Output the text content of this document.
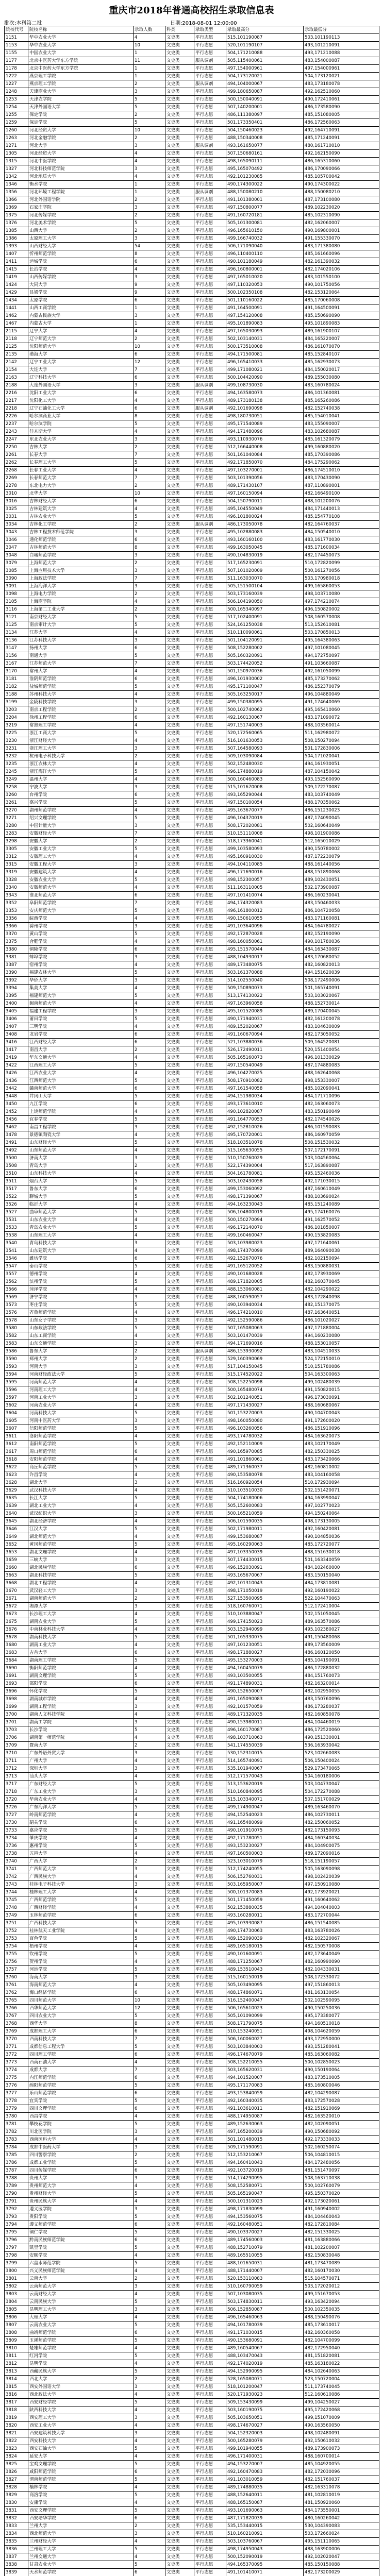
重庆市2018年普通高校招生录取信息表
批次:本科第二批	日期:2018-08-01 12:00:00
院校代号	院校名称	录取人数	科类	录取类型	录取最高分	录取最低分
1151	华中农业大学	4	文史类	平行志愿	515,101190087	503,101190113
1153	华中农业大学	10	文史类	平行志愿	520,101190107	493,101210091
1155	中国农业大学	1	文史类	平行志愿	504,171210088	493,171210088
1177	北京中医药大学东方学院	11	文史类	服从调剂	505,115400061	483,154000087
1178	北京中医药大学东方学院	1	文史类	平行志愿	497,154000961	497,154000961
1222	燕京理工学院	1	文史类	平行志愿	504,173120021	504,173120021
1227	燕京理工学院	2	文史类	服从调剂	494,104000067	483,173180078
1248	天津商业大学	3	文史类	平行志愿	499,180650087	492,162510060
1253	天津农学院	5	文史类	平行志愿	500,150040091	490,172410061
1254	天津外国语大学	5	文史类	平行志愿	507,140200001	486,173580090
1255	保定学院	2	文史类	平行志愿	486,111380097	485,151080005
1259	保定学院	5	文史类	平行志愿	501,173350401	486,172560063
1260	河北经贸大学	10	文史类	平行志愿	504,150460023	492,164710091
1263	河北金融学院	2	文史类	平行志愿	488,150340008	485,171240091
1271	河北大学	3	文史类	服从调剂	493,161650077	480,161710010
1305	河北经贸大学	4	文史类	平行志愿	507,150680161	492,162150090
1315	河北中医学院	4	文史类	平行志愿	498,165090111	486,165310060
1327	河北科技师范学院	3	文史类	平行志愿	495,165070492	486,170090066
1342	河北地质大学	4	文史类	平行志愿	492,101230085	485,105700042
1346	衡水学院	1	文史类	平行志愿	490,174300022	490,174300022
1356	河北环境工程学院	1	文史类	服从调剂	488,150080210	488,150080210
1366	河北外国语学院	2	文史类	平行志愿	491,101380001	487,173100080
1369	石家庄学院	3	文史类	平行志愿	497,150800077	489,102230020
1375	河北传媒学院	2	文史类	平行志愿	491,160720181	485,102310090
1376	河北美术学院	5	文史类	平行志愿	505,101300081	482,162060007
1385	山西大学	2	文史类	平行志愿	496,165610150	490,169800001
1386	太原理工大学	3	文史类	平行志愿	499,166740032	491,155330070
1393	山西财经大学	54	文史类	平行志愿	506,171090040	483,171380080
1407	忻州师范学院	8	文史类	平行志愿	496,110400110	485,161660096
1411	运城学院	6	文史类	平行志愿	490,101180049	482,161390032
1415	长治学院	4	文史类	平行志愿	496,160800001	482,174020106
1419	山西传媒学院	3	文史类	平行志愿	497,165010020	483,101550100
1424	大同大学	9	文史类	平行志愿	497,110320053	490,101750056
1429	吕梁学院	9	文史类	平行志愿	500,102350108	482,153120064
1434	太原学院	6	文史类	平行志愿	501,110160022	485,170060008
1441	山西工商学院	1	文史类	平行志愿	491,164500091	491,164500091
1462	内蒙古民族大学	3	文史类	平行志愿	497,154120008	485,150690090
1467	内蒙古大学	1	文史类	平行志愿	495,101890083	495,101890083
2115	辽宁大学	4	文史类	平行志愿	497,165030093	489,161900107
2118	辽宁师范大学	2	文史类	平行志愿	502,103140031	484,165220007
2125	沈阳师范大学	10	文史类	平行志愿	500,173510008	486,161070070
2135	渤海大学	6	文史类	平行志愿	494,171500081	485,152840107
2142	辽宁工业大学	12	文史类	平行志愿	496,165410033	485,162930073
2154	大连大学	7	文史类	平行志愿	499,171080021	484,150020017
2163	辽宁科技大学	6	文史类	平行志愿	500,104420090	489,155030080
2188	大连外国语大学	3	文史类	服从调剂	499,108730030	483,160780024
2216	沈阳工业大学	6	文史类	平行志愿	494,163580073	486,101360081
2217	沈阳化工大学	4	文史类	平行志愿	489,173180138	485,165260086
2218	辽宁石油化工大学	6	文史类	服从调剂	492,101690098	482,152740038
2226	哈尔滨商业大学	8	文史类	平行志愿	498,180730051	485,154010041
2237	哈尔滨学院	5	文史类	平行志愿	495,171540089	483,155090007
2243	佳木斯大学	4	文史类	平行志愿	494,171480096	483,102680087
2247	东北农业大学	3	文史类	平行志愿	493,110930076	485,161320079
2250	吉林大学	2	文史类	平行志愿	512,166440008	499,160880020
2261	长春大学	7	文史类	平行志愿	501,161040084	485,170390086
2262	长春理工大学	5	文史类	平行志愿	492,171850070	484,175290062
2268	长春工业大学	4	文史类	平行志愿	497,103270001	486,174510010
2269	长春师范大学	7	文史类	平行志愿	503,101390056	483,170430090
2278	东北电力大学	2	文史类	平行志愿	489,171430107	487,110890001
3010	北华大学	10	文史类	平行志愿	497,160150094	482,166490100
3016	吉林财经大学	6	文史类	平行志愿	504,150790011	488,101200076
3025	吉林建筑大学	4	文史类	平行志愿	495,104550049	484,171440013
3031	吉林农业大学	5	文史类	平行志愿	496,101800024	485,154770108
3034	吉林化工学院	2	文史类	服从调剂	486,173050078	482,164760037
3043	吉林工程技术师范学院	3	文史类	平行志愿	495,102880083	484,150540010
3046	通化师范学院	6	文史类	平行志愿	493,160160100	483,161770030
3047	吉林师范大学	8	文史类	平行志愿	499,163050045	485,171600034
3048	白城师范学院	3	文史类	平行志愿	490,104830019	482,174450073
3079	上海师范大学	2	文史类	平行志愿	517,165230091	510,172820099
3085	上海应用技术大学	3	文史类	平行志愿	507,101020009	500,161270056
3090	上海政法学院	7	文史类	平行志愿	511,163030070	503,170980018
3091	上海海洋大学	3	文史类	平行志愿	505,151500104	499,165860053
3098	上海电力学院	2	文史类	平行志愿	503,173160039	498,103710080
3105	上海商学院	4	文史类	平行志愿	506,104190050	497,174210074
3116	上海第二工业大学	2	文史类	平行志愿	500,165340097	496,150820002
3121	南京财经大学	5	文史类	平行志愿	517,102400091	508,160570008
3125	南京审计大学	5	文史类	平行志愿	524,161250038	513,152610081
3134	江苏大学	4	文史类	平行志愿	510,110090061	503,170850013
3136	江苏科技大学	3	文史类	平行志愿	501,104120091	495,164380063
3147	扬州大学	6	文史类	平行志愿	508,152280002	497,101080045
3156	南通大学	5	文史类	平行志愿	505,160320091	494,172750097
3167	江苏师范大学	7	文史类	平行志愿	503,174420052	491,103660087
3170	常州大学	4	文史类	平行志愿	501,150970036	492,161050099
3181	淮阴师范学院	6	文史类	平行志愿	496,101930002	485,173270062
3182	盐城师范学院	5	文史类	平行志愿	495,171100047	486,152370079
3188	苏州科技大学	4	文史类	平行志愿	505,163250017	496,104880049
3199	金陵科技学院	3	文史类	平行志愿	499,150380095	491,174640069
3203	南京工程学院	2	文史类	平行志愿	500,102740062	495,165410060
3204	徐州工程学院	6	文史类	平行志愿	492,160130067	483,171090072
3219	常熟理工学院	4	文史类	平行志愿	497,151740003	488,103560014
3225	浙江工商大学	5	文史类	平行志愿	520,172560065	511,162980072
3230	浙江财经大学	4	文史类	平行志愿	516,101630053	508,150270094
3231	浙江理工大学	3	文史类	平行志愿	507,164580093	501,172830006
3232	杭州电子科技大学	2	文史类	平行志愿	509,103090084	504,171020041
3235	浙江农林大学	4	文史类	平行志愿	502,152480030	494,161930051
3245	浙江海洋大学	5	文史类	平行志愿	496,174880019	487,104150042
3249	温州大学	4	文史类	平行志愿	500,160460083	493,152560090
3258	宁波大学	3	文史类	平行志愿	515,101670008	509,172270087
3260	台州学院	6	文史类	平行志愿	493,165290044	483,103740049
3261	嘉兴学院	5	文史类	平行志愿	497,150100054	488,170350062
3270	湖州师范学院	4	文史类	平行志愿	495,163670077	486,151230023
3271	绍兴文理学院	5	文史类	平行志愿	496,104370019	487,174090045
3280	中国计量大学	3	文史类	平行志愿	508,172020081	502,160640049
3283	安徽财经大学	7	文史类	平行志愿	510,151110008	498,101900086
3298	安徽大学	2	文史类	平行志愿	518,173360041	512,165010029
3305	安徽工业大学	5	文史类	平行志愿	499,103580093	490,150780002
3312	安徽理工大学	4	文史类	平行志愿	495,160910030	487,172230079
3315	安徽工程大学	3	文史类	平行志愿	494,104110085	488,161440056
3319	安徽建筑大学	4	文史类	平行志愿	496,171690016	488,151890068
3328	安徽农业大学	5	文史类	平行志愿	498,152300057	489,102430051
3340	安徽师范大学	4	文史类	平行志愿	511,163110005	502,173900087
3343	淮北师范大学	6	文史类	平行志愿	497,101410074	486,160230041
3352	阜阳师范学院	7	文史类	平行志愿	494,174320083	483,150460033
3353	安庆师范大学	5	文史类	平行志愿	496,161800012	486,104720058
3356	皖西学院	4	文史类	平行志愿	490,150610055	483,171160081
3366	滁州学院	3	文史类	平行志愿	491,103640096	484,164780027
3370	黄山学院	5	文史类	平行志愿	492,172870028	482,152190090
3375	合肥学院	4	文史类	平行志愿	498,160050061	490,101780036
3380	铜陵学院	6	文史类	平行志愿	495,151570044	484,163430087
3381	蚌埠学院	3	文史类	平行志愿	488,104930017	483,170680052
3387	宿州学院	4	文史类	平行志愿	489,173480075	482,160820013
3390	福建农林大学	5	文史类	平行志愿	503,161370088	494,151620039
3392	华侨大学	3	文史类	平行志愿	514,102550040	508,172490006
3394	集美大学	4	文史类	平行志愿	509,150890073	501,165740091
3395	福建师范大学	5	文史类	平行志愿	513,174130022	503,103020067
3400	闽南师范大学	4	文史类	平行志愿	497,163960058	488,152730014
3405	福建工程学院	3	文史类	平行志愿	495,101520089	489,170400045
3406	莆田学院	5	文史类	平行志愿	490,171940031	482,161200078
3407	三明学院	4	文史类	平行志愿	489,152020067	483,104630009
3408	龙岩学院	6	文史类	平行志愿	491,160670094	482,173050052
3416	江西财经大学	6	文史类	平行志愿	521,103880036	509,164520081
3417	南昌大学	2	文史类	平行志愿	526,172490011	520,151400054
3419	华东交通大学	4	文史类	平行志愿	505,165160073	496,101330029
3422	江西理工大学	5	文史类	平行志愿	497,150540049	487,174880083
3426	江西农业大学	4	文史类	平行志愿	496,104270025	488,162640068
3436	江西师范大学	5	文史类	平行志愿	508,170910082	498,153330007
3442	赣南师范大学	6	文史类	平行志愿	497,161540058	485,102090041
3448	井冈山大学	5	文史类	平行志愿	494,151980034	484,171710096
3450	九江学院	6	文史类	平行志愿	493,173610010	482,163060073
3452	上饶师范学院	4	文史类	平行志愿	490,102820087	483,150190049
3456	宜春学院	5	文史类	平行志愿	491,164770053	482,174540026
3462	南昌工程学院	3	文史类	平行志愿	492,152810026	486,101590083
3478	景德镇陶瓷大学	4	文史类	平行志愿	495,170720001	486,160970059
3491	山东财经大学	5	文史类	平行志愿	518,103510078	508,151530032
3492	山东师范大学	4	文史类	平行志愿	515,165630055	507,172170091
3500	济南大学	3	文史类	平行志愿	510,150760029	503,104560064
3508	青岛大学	2	文史类	平行志愿	522,174390004	517,163890087
3510	山东科技大学	4	文史类	平行志愿	504,161780081	495,152460036
3511	烟台大学	5	文史类	平行志愿	503,102430058	492,171030015
3517	鲁东大学	6	文史类	平行志愿	499,153060092	487,160610049
3522	聊城大学	5	文史类	平行志愿	498,171390067	488,103690024
3526	临沂大学	4	文史类	平行志愿	494,163230043	485,151240089
3527	曲阜师范大学	5	文史类	平行志愿	506,104800019	495,174160076
3531	山东农业大学	4	文史类	平行志愿	500,150270094	491,162570052
3533	青岛农业大学	5	文史类	平行志愿	496,172140070	486,101850007
3538	山东理工大学	4	文史类	平行志愿	499,160460047	490,153820083
3540	青岛科技大学	3	文史类	平行志愿	503,103980023	497,171640061
3541	山东建筑大学	4	文史类	平行志愿	498,174370099	489,164090038
3546	潍坊学院	6	文史类	平行志愿	492,152670076	482,102150094
3547	泰山学院	5	文史类	平行志愿	491,165120052	483,150880031
3557	德州学院	4	文史类	平行志愿	490,101680028	482,173930069
3562	滨州学院	5	文史类	平行志愿	489,171820005	482,160370045
3566	菏泽学院	4	文史类	平行志愿	488,153060081	482,104290022
3569	济宁学院	3	文史类	平行志愿	488,160590057	483,172840098
3573	枣庄学院	5	文史类	平行志愿	490,103940034	482,151370075
3576	齐鲁师范学院	4	文史类	平行志愿	496,174210010	487,163640051
3578	山东女子学院	3	文史类	平行志愿	492,152590086	486,101020027
3580	山东政法学院	5	文史类	平行志愿	507,165080063	497,171880004
3582	山东工商学院	4	文史类	平行志愿	503,101470039	494,160230080
3583	山东交通学院	3	文史类	平行志愿	494,171690016	488,153010057
3586	鲁东大学	2	文史类	服从调剂	486,153930092	483,104510033
3590	郑州大学	2	文史类	平行志愿	529,160390069	524,172150010
3593	河南大学	3	文史类	平行志愿	517,104150045	510,151780086
3594	河南财经政法大学	5	文史类	平行志愿	515,174520022	504,163300063
3595	河南师范大学	4	文史类	平行志愿	508,152250098	499,102480039
3596	河南理工大学	4	文史类	平行志愿	500,165480074	491,150820015
3597	河南工业大学	3	文史类	平行志愿	502,101240051	496,173030091
3602	河南农业大学	4	文史类	平行志愿	497,171430027	488,160680067
3604	河南科技大学	5	文史类	平行志愿	501,153270003	490,104700043
3605	河南中医药大学	3	文史类	平行志愿	498,160050080	491,172600020
3607	信阳师范学院	5	文史类	平行志愿	496,103260056	486,151910096
3611	洛阳师范学院	4	文史类	平行志愿	493,174780032	484,163620073
3612	南阳师范学院	5	文史类	平行志愿	492,152110009	483,102170049
3617	周口师范学院	6	文史类	平行志愿	490,165970085	482,150330025
3618	安阳师范学院	4	文史类	平行志愿	491,101860061	483,173420066
3622	商丘师范学院	5	文史类	平行志愿	489,171360037	482,160810002
3623	许昌学院	4	文史类	平行志愿	490,153580078	483,104160058
3628	湖北大学	3	文史类	平行志愿	516,160920054	510,172930094
3629	武汉科技大学	4	文史类	平行志愿	510,103510030	502,151420071
3635	长江大学	5	文史类	平行志愿	504,174180006	494,163990047
3639	湖北工业大学	4	文史类	平行志愿	505,152600083	497,102770023
3640	武汉纺织大学	3	文史类	平行志愿	500,165210059	494,150240064
3645	湖北经济学院	4	文史类	平行志愿	506,101590035	498,173130005
3646	江汉大学	5	文史类	平行志愿	502,171980011	492,160420081
3649	湖北师范大学	4	文史类	平行志愿	499,153680087	490,104850036
3652	黄冈师范学院	5	文史类	平行志愿	495,160290063	485,172720077
3653	湖北文理学院	4	文史类	平行志愿	497,103350039	488,151630018
3659	三峡大学	3	文史类	平行志愿	507,174430015	501,163340059
3660	湖北民族学院	6	文史类	平行志愿	496,152030091	484,102460000
3663	湖北科技学院	5	文史类	平行志愿	493,165670067	483,150150040
3668	湖北工程学院	4	文史类	平行志愿	492,101310043	484,173810081
3670	武汉轻工大学	3	文史类	平行志愿	498,171050019	492,160190022
3671	湖南师范大学	2	文史类	平行志愿	527,153500095	522,104470063
3672	湘潭大学	3	文史类	平行志愿	518,160760071	512,172410004
3673	长沙理工大学	4	文史类	平行志愿	510,103880047	502,151050045
3675	湖南农业大学	5	文史类	平行志愿	499,174150023	489,163570086
3676	中南林业科技大学	4	文史类	平行志愿	503,152940099	495,102380027
3678	湖南科技大学	5	文史类	平行志愿	501,165330075	491,150480068
3680	湖南工业大学	4	文史类	平行志愿	497,101230051	489,173560009
3683	吉首大学	6	文史类	平行志愿	498,171880027	486,160120050
3684	湖南理工学院	5	文史类	平行志愿	495,153270003	485,104190091
3690	衡阳师范学院	4	文史类	平行志愿	494,160450079	486,172880032
3691	湖南文理学院	5	文史类	平行志愿	493,103500055	484,151760073
3693	邵阳学院	6	文史类	平行志愿	491,174890031	482,163200014
3696	怀化学院	5	文史类	平行志愿	490,152650007	482,102950055
3698	湖南城市学院	4	文史类	平行志愿	491,165090083	483,150760096
3699	湖南工程学院	3	文史类	平行志愿	492,101570059	486,173280037
3700	湖南人文科技学院	4	文史类	平行志愿	489,171320035	482,160850078
3701	湖南工学院	3	文史类	平行志愿	490,153980011	484,104460019
3703	长沙学院	5	文史类	平行志愿	496,160170087	486,172520060
3706	湖南第一师范学院	4	文史类	平行志愿	498,103710063	490,151330001
3709	暨南大学	2	文史类	平行志愿	541,174550039	536,163930042
3710	广东外语外贸大学	3	文史类	平行志愿	530,152310015	523,102660083
3711	广州大学	4	文史类	平行志愿	514,165740091	506,150400024
3712	深圳大学	3	文史类	平行志愿	535,101940067	529,173470065
3713	汕头大学	4	文史类	平行志愿	512,171570043	504,160180006
3717	广东财经大学	5	文史类	平行志愿	513,153620019	503,104730047
3718	广东工业大学	3	文史类	平行志愿	510,160840095	504,172270088
3720	华南农业大学	4	文史类	平行志愿	515,103340071	507,151700029
3726	广东海洋大学	5	文史类	平行志愿	499,174900047	489,163460070
3727	岭南师范学院	4	文史类	平行志愿	494,152540023	486,102730011
3730	韶关学院	6	文史类	平行志愿	491,165480099	482,150060052
3733	嘉应学院	5	文史类	平行志愿	490,101910075	482,173150093
3734	肇庆学院	4	文史类	平行志愿	492,171780051	484,160340034
3736	惠州学院	5	文史类	平行志愿	493,153230027	484,104900075
3738	五邑大学	4	文史类	平行志愿	497,160500003	489,172090016
3740	广西大学	2	文史类	平行志愿	523,103010079	518,151190057
3741	广西师范大学	3	文史类	平行志愿	512,174240055	505,163090098
3742	广西民族大学	4	文史类	平行志愿	506,152760031	498,102420039
3743	桂林电子科技大学	3	文史类	平行志愿	503,165950007	497,150910080
3744	桂林理工大学	4	文史类	平行志愿	500,101370083	492,173920021
3745	广西师范学院	5	文史类	平行志愿	501,171450059	491,160640062
3748	广西财经学院	4	文史类	平行志愿	502,153880035	494,104040003
3749	玉林师范学院	6	文史类	平行志愿	493,160280011	483,172700044
3751	广西科技大学	5	文史类	平行志愿	495,103930087	486,151540085
3752	桂林航天工业学院	4	文史类	平行志愿	490,174730063	483,163780026
3753	百色学院	5	文史类	平行志愿	489,152090039	482,102320067
3754	梧州学院	4	文史类	平行志愿	489,165180015	482,150570008
3755	钦州学院	5	文史类	平行志愿	490,101600091	482,173640049
3756	贺州学院	4	文史类	平行志愿	488,171250067	482,160990090
3757	河池学院	5	文史类	平行志愿	489,153510043	482,104330031
3760	海南大学	3	文史类	平行志愿	515,160150019	508,172330072
3761	海南师范大学	4	文史类	平行志愿	505,103490095	497,151860013
3762	海口经济学院	6	文史类	平行志愿	488,174860071	481,163130054
3765	四川师范大学	10	文史类	平行志愿	516,152400047	502,102590095
3766	西华师范大学	12	文史类	平行志愿	506,165610023	490,150250036
3767	四川农业大学	5	文史类	平行志愿	505,101090099	495,173380077
3768	西华大学	8	文史类	平行志愿	508,171790075	494,160510018
3769	成都理工大学	6	文史类	平行志愿	510,153240051	498,104620059
3770	西南科技大学	7	文史类	平行志愿	506,160060027	493,172950000
3771	成都信息工程大学	5	文史类	平行志愿	503,103840003	493,151280041
3772	四川理工学院	6	文史类	平行志愿	496,174670079	485,163060082
3773	西南石油大学	4	文史类	平行志愿	508,152210055	500,102850023
3774	成都大学	7	文史类	平行志愿	503,165620031	490,150190064
3775	内江师范学院	6	文史类	平行志愿	494,101520007	483,173510005
3776	绵阳师范学院	5	文史类	平行志愿	495,171170083	485,160800046
3777	乐山师范学院	6	文史类	平行志愿	493,153840059	482,104290087
3778	宜宾学院	5	文史类	平行志愿	492,160340035	483,172570028
3779	四川文理学院	6	文史类	平行志愿	491,103610011	482,151910069
3780	西昌学院	4	文史类	平行志愿	488,174950087	482,163520010
3781	攀枝花学院	5	文史类	平行志愿	489,152630063	482,102090051
3782	川北医学院	3	文史类	平行志愿	497,165200039	490,150680092
3783	西南医科大学	4	文史类	平行志愿	501,101480015	492,173330033
3784	成都中医药大学	3	文史类	平行志愿	509,171590091	502,160250074
3785	四川警察学院	2	文史类	平行志愿	512,153210067	506,104810015
3786	成都工业学院	5	文史类	平行志愿	494,160410043	484,172480056
3787	四川传媒学院	6	文史类	平行志愿	492,103720019	481,151470097
3788	贵州大学	3	文史类	平行志愿	514,174290095	508,163710038
3789	贵州师范大学	4	文史类	平行志愿	508,152580071	500,102760079
3790	贵州财经大学	5	文史类	平行志愿	505,165190047	495,150370020
3791	贵州民族大学	4	文史类	平行志愿	500,101310023	492,173020061
3792	遵义医学院	3	文史类	平行志愿	498,171830099	491,160940002
3793	贵阳学院	5	文史类	平行志愿	494,153560075	484,104460043
3794	遵义师范学院	6	文史类	平行志愿	492,160480051	482,172810084
3795	铜仁学院	5	文史类	平行志愿	490,103370027	482,151330025
3796	黔南民族师范学院	6	文史类	平行志愿	489,174560003	481,163880066
3797	凯里学院	5	文史类	平行志愿	488,152710079	481,102200007
3798	安顺学院	4	文史类	平行志愿	489,165510055	482,150830048
3799	六盘水师范学院	5	文史类	平行志愿	488,101650031	481,173470089
3800	兴义民族师范学院	4	文史类	平行志愿	488,171440007	482,160170030
3801	云南大学	2	文史类	平行志愿	520,153110083	515,104570071
3802	云南师范大学	3	文史类	平行志愿	510,160790059	503,172020012
3803	云南财经大学	4	文史类	平行志愿	507,103080035	499,151670053
3804	云南民族大学	5	文史类	平行志愿	503,174830011	493,163420094
3805	昆明理工大学	3	文史类	平行志愿	506,152850087	500,102350035
3806	大理大学	4	文史类	平行志愿	496,165460063	488,150490076
3807	云南农业大学	5	文史类	平行志愿	494,101780039	485,173610017
3808	曲靖师范学院	6	文史类	平行志愿	491,171030015	482,160360058
3809	玉溪师范学院	5	文史类	平行志愿	490,153680091	482,104700099
3810	楚雄师范学院	4	文史类	平行志愿	489,160540067	482,172950040
3811	红河学院	5	文史类	平行志愿	488,103470043	481,151820081
3812	昆明学院	4	文史类	平行志愿	492,174020019	485,163180022
3813	西藏民族大学	5	文史类	平行志愿	494,152990095	484,102640063
3814	西北大学	2	文史类	平行志愿	528,165080071	523,150720004
3815	西安外国语大学	3	文史类	平行志愿	518,101200047	511,173740045
3816	西北政法大学	4	文史类	平行志愿	520,171930023	512,160610086
3817	西安财经学院	5	文史类	平行志愿	509,153430099	499,104250027
3818	陕西科技大学	4	文史类	平行志愿	503,160190075	495,172420068
3819	西安理工大学	3	文史类	平行志愿	505,103650051	499,151070009
3820	西安工业大学	4	文史类	平行志愿	498,174670027	490,163560050
3821	西安建筑科技大学	3	文史类	平行志愿	504,152320003	498,102480091
3822	西安科技大学	4	文史类	平行志愿	500,165280079	492,150610032
3823	西安石油大学	5	文史类	平行志愿	499,101940055	489,173900073
3824	延安大学	4	文史类	平行志愿	496,171400031	488,160700014
3825	宝鸡文理学院	5	文史类	平行志愿	494,153270007	485,104920055
3826	咸阳师范学院	6	文史类	平行志愿	492,160470083	482,172030096
3827	渭南师范学院	5	文史类	平行志愿	491,103010059	482,151760037
3828	榆林学院	4	文史类	平行志愿	489,174880035	482,163310078
3829	商洛学院	5	文史类	平行志愿	488,152640011	481,102810019
3830	安康学院	4	文史类	平行志愿	488,165150087	481,150920060
3831	西安文理学院	5	文史类	平行志愿	493,101690063	484,173550001
3832	西安培华学院	6	文史类	平行志愿	487,171820039	480,160260042
3833	兰州大学	2	文史类	平行志愿	535,153440015	530,104390083
3834	西北师范大学	3	文史类	平行志愿	510,160210091	503,172660024
3835	兰州财经大学	4	文史类	平行志愿	503,103760067	495,151110065
3836	兰州理工大学	5	文史类	平行志愿	498,174950043	488,163900006
3837	兰州交通大学	4	文史类	平行志愿	500,152090019	492,102020047
3838	甘肃农业大学	5	文史类	平行志愿	494,165370095	485,150150088
3839	天水师范学院	6	文史类	平行志愿	491,101410071	482,173200029
